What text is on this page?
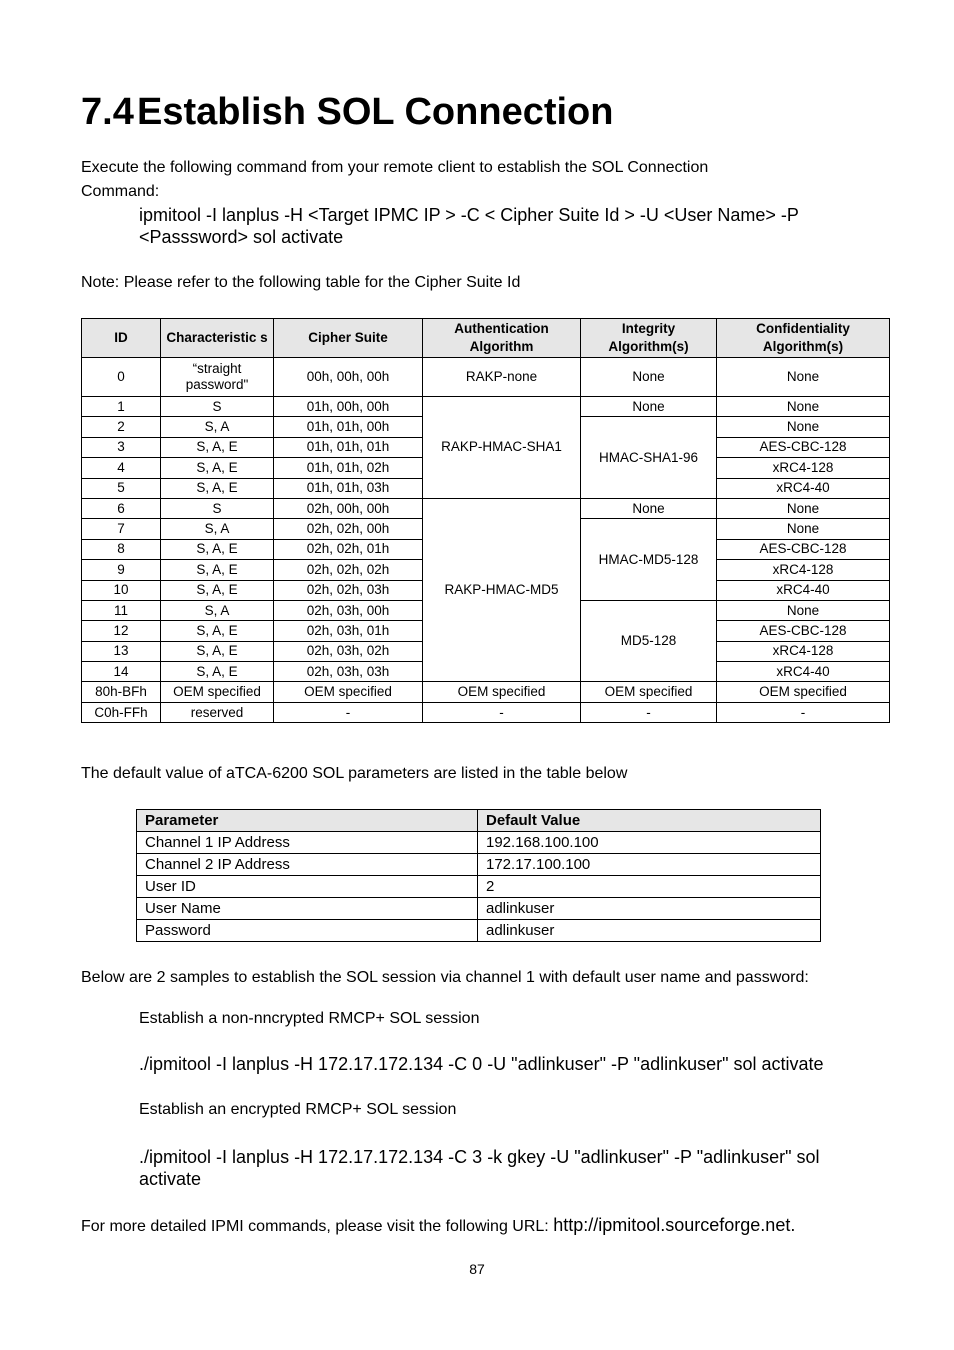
7.4Establish SOL Connection
Execute the following command from your remote client to establish the SOL Connection
Command:
ipmitool -I lanplus -H <Target IPMC IP > -C < Cipher Suite Id > -U <User Name> -P
<Passsword> sol activate
Note: Please refer to the following table for the Cipher Suite Id
ID	Characteristic s	Cipher Suite	Authentication Algorithm	Integrity Algorithm(s)	Confidentiality Algorithm(s)
0	“straight password"	00h, 00h, 00h	RAKP-none	None	None
1	S	01h, 00h, 00h	RAKP-HMAC-SHA1	None	None
2	S, A	01h, 01h, 00h		HMAC-SHA1-96	None
3	S, A, E	01h, 01h, 01h			AES-CBC-128
4	S, A, E	01h, 01h, 02h			xRC4-128
5	S, A, E	01h, 01h, 03h			xRC4-40
6	S	02h, 00h, 00h	RAKP-HMAC-MD5	None	None
7	S, A	02h, 02h, 00h		HMAC-MD5-128	None
8	S, A, E	02h, 02h, 01h			AES-CBC-128
9	S, A, E	02h, 02h, 02h			xRC4-128
10	S, A, E	02h, 02h, 03h			xRC4-40
11	S, A	02h, 03h, 00h		MD5-128	None
12	S, A, E	02h, 03h, 01h			AES-CBC-128
13	S, A, E	02h, 03h, 02h			xRC4-128
14	S, A, E	02h, 03h, 03h			xRC4-40
80h-BFh	OEM specified	OEM specified	OEM specified	OEM specified	OEM specified
C0h-FFh	reserved	-	-	-	-
The default value of aTCA-6200 SOL parameters are listed in the table below
Parameter	Default Value
Channel 1 IP Address	192.168.100.100
Channel 2 IP Address	172.17.100.100
User ID	2
User Name	adlinkuser
Password	adlinkuser
Below are 2 samples to establish the SOL session via channel 1 with default user name and password:
Establish a non-nncrypted RMCP+ SOL session
./ipmitool -I lanplus -H 172.17.172.134 -C 0 -U "adlinkuser" -P "adlinkuser" sol activate
Establish an encrypted RMCP+ SOL session
./ipmitool -I lanplus -H 172.17.172.134 -C 3 -k gkey -U "adlinkuser" -P "adlinkuser" sol
activate
For more detailed IPMI commands, please visit the following URL: http://ipmitool.sourceforge.net.
87
